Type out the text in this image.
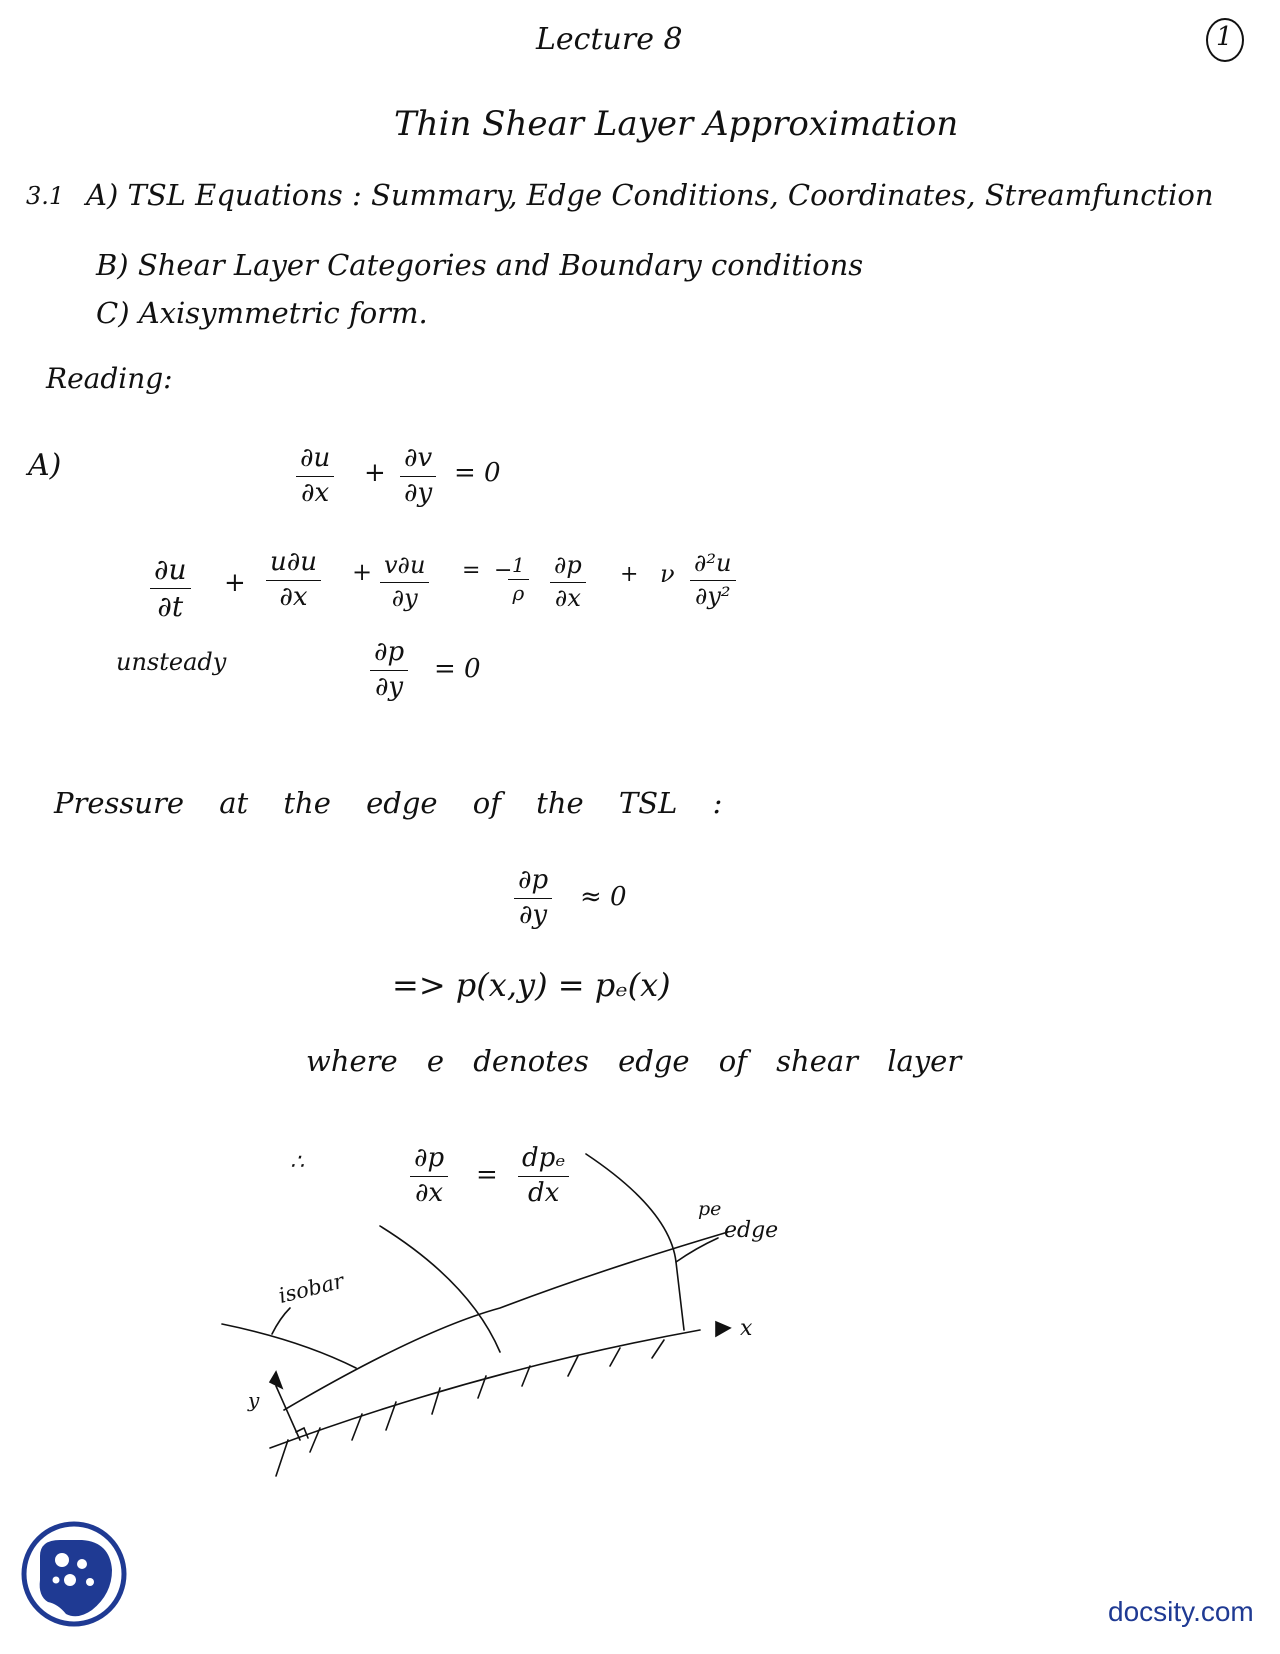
Lecture 8	1
Thin Shear Layer Approximation
3.1 A) TSL Equations : Summary, Edge Conditions, Coordinates, Streamfunction
B) Shear Layer Categories and Boundary conditions
C) Axisymmetric form.
Reading:
A)	$\frac{\partial u}{\partial x} + \frac{\partial v}{\partial y} = 0$
$\frac{\partial u}{\partial t} + \frac{u\partial u}{\partial x} + \frac{v\partial u}{\partial y}$ = −
$\frac{1}{\rho} \frac{\partial p}{\partial x} + \nu \frac{\text{∂²u}}{\text{∂y²}}$
unsteady	$\frac{\partial p}{\partial y} = 0$
Pressure at the edge of the TSL :
$\frac{\partial p}{\partial y} \approx 0$
=> p(x,y) = pₑ(x)
where e denotes edge of shear layer
∴	$\frac{\partial p}{\partial x}$ =
dpₑ
dx
pe
edge
isobar
x
y
docsity.com
